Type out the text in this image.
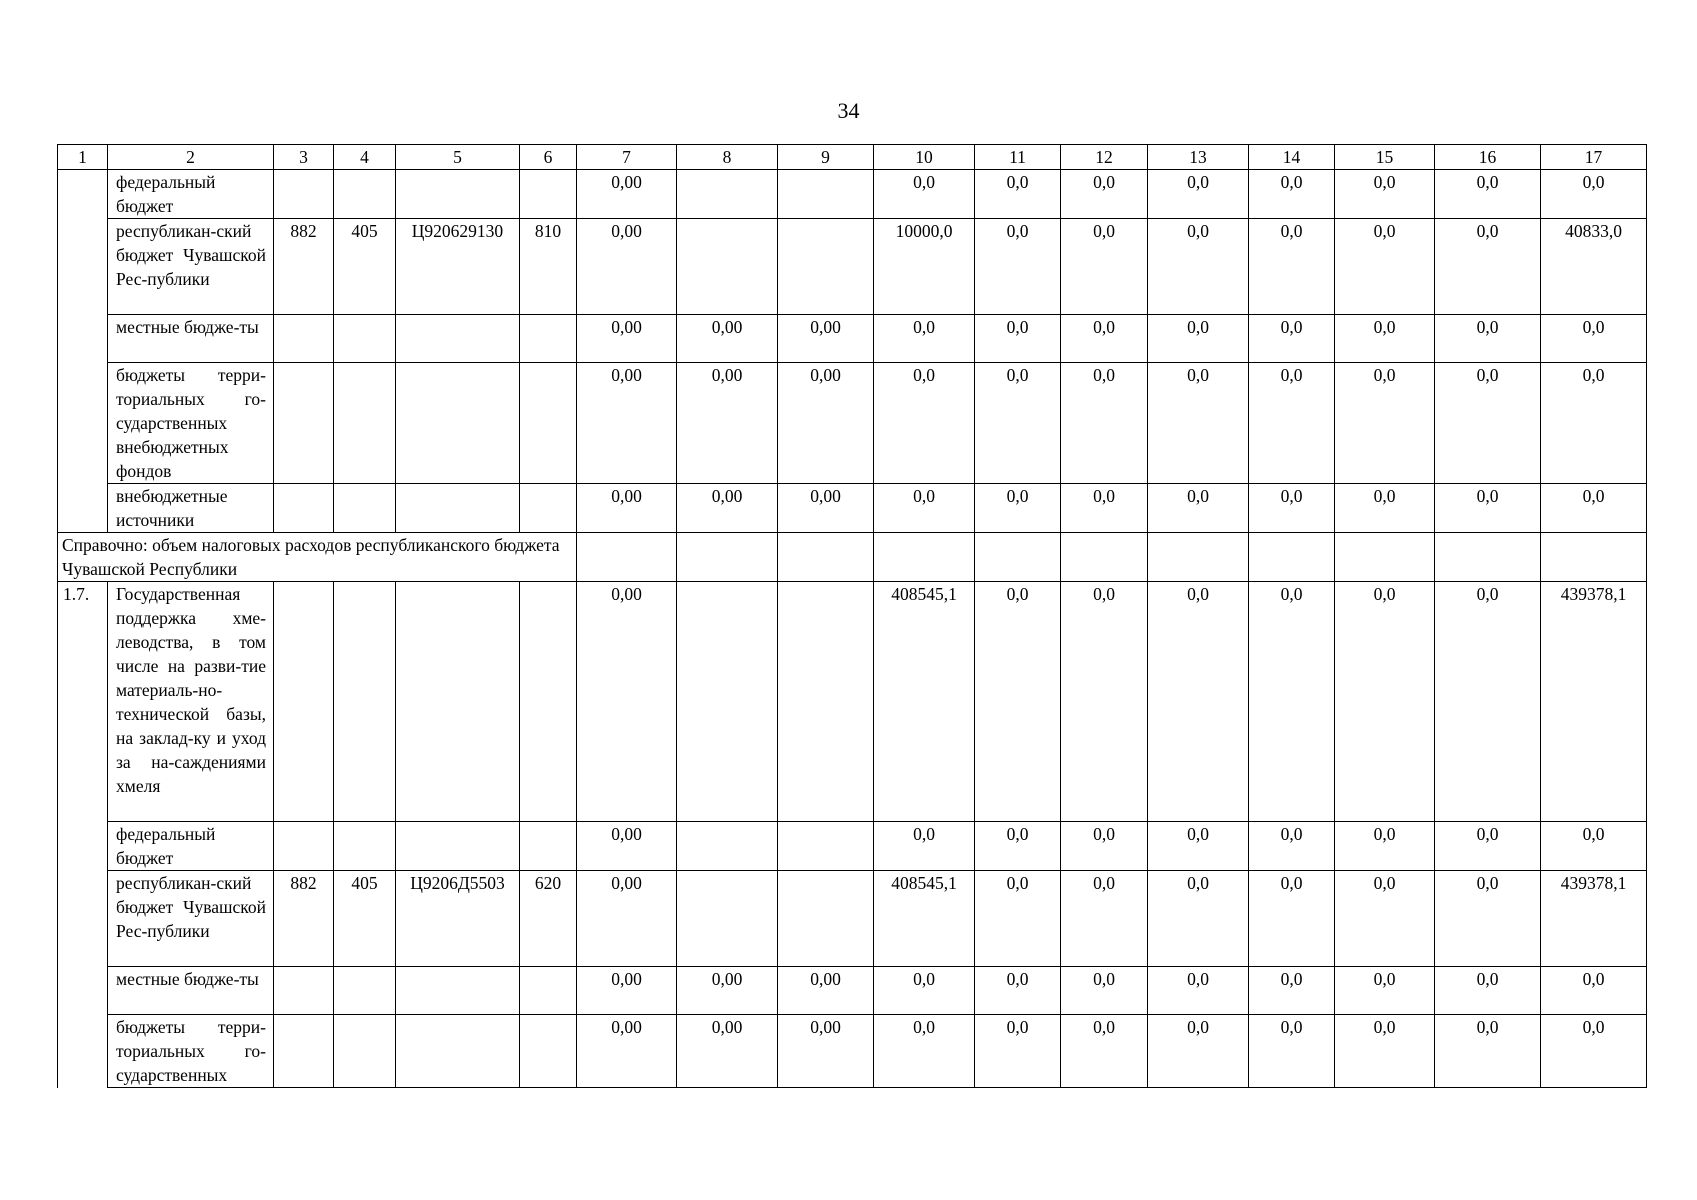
34
1	2	3	4	5	6	7	8	9	10	11	12	13	14	15	16	17
	федеральный бюджет					0,00			0,0	0,0	0,0	0,0	0,0	0,0	0,0	0,0
	республикан-ский бюджет Чувашской Рес-публики	882	405	Ц920629130	810	0,00			10000,0	0,0	0,0	0,0	0,0	0,0	0,0	40833,0
	местные бюдже-ты					0,00	0,00	0,00	0,0	0,0	0,0	0,0	0,0	0,0	0,0	0,0
	бюджеты терри-ториальных го-сударственных внебюджетных фондов					0,00	0,00	0,00	0,0	0,0	0,0	0,0	0,0	0,0	0,0	0,0
	внебюджетные источники					0,00	0,00	0,00	0,0	0,0	0,0	0,0	0,0	0,0	0,0	0,0
Справочно: объем налоговых расходов республиканского бюджета Чувашской Республики																
1.7.	Государственная поддержка хме-леводства, в том числе на разви-тие материаль-но-технической базы, на заклад-ку и уход за на-саждениями хмеля					0,00			408545,1	0,0	0,0	0,0	0,0	0,0	0,0	439378,1
	федеральный бюджет					0,00			0,0	0,0	0,0	0,0	0,0	0,0	0,0	0,0
	республикан-ский бюджет Чувашской Рес-публики	882	405	Ц9206Д5503	620	0,00			408545,1	0,0	0,0	0,0	0,0	0,0	0,0	439378,1
	местные бюдже-ты					0,00	0,00	0,00	0,0	0,0	0,0	0,0	0,0	0,0	0,0	0,0
	бюджеты терри-ториальных го-сударственных					0,00	0,00	0,00	0,0	0,0	0,0	0,0	0,0	0,0	0,0	0,0
